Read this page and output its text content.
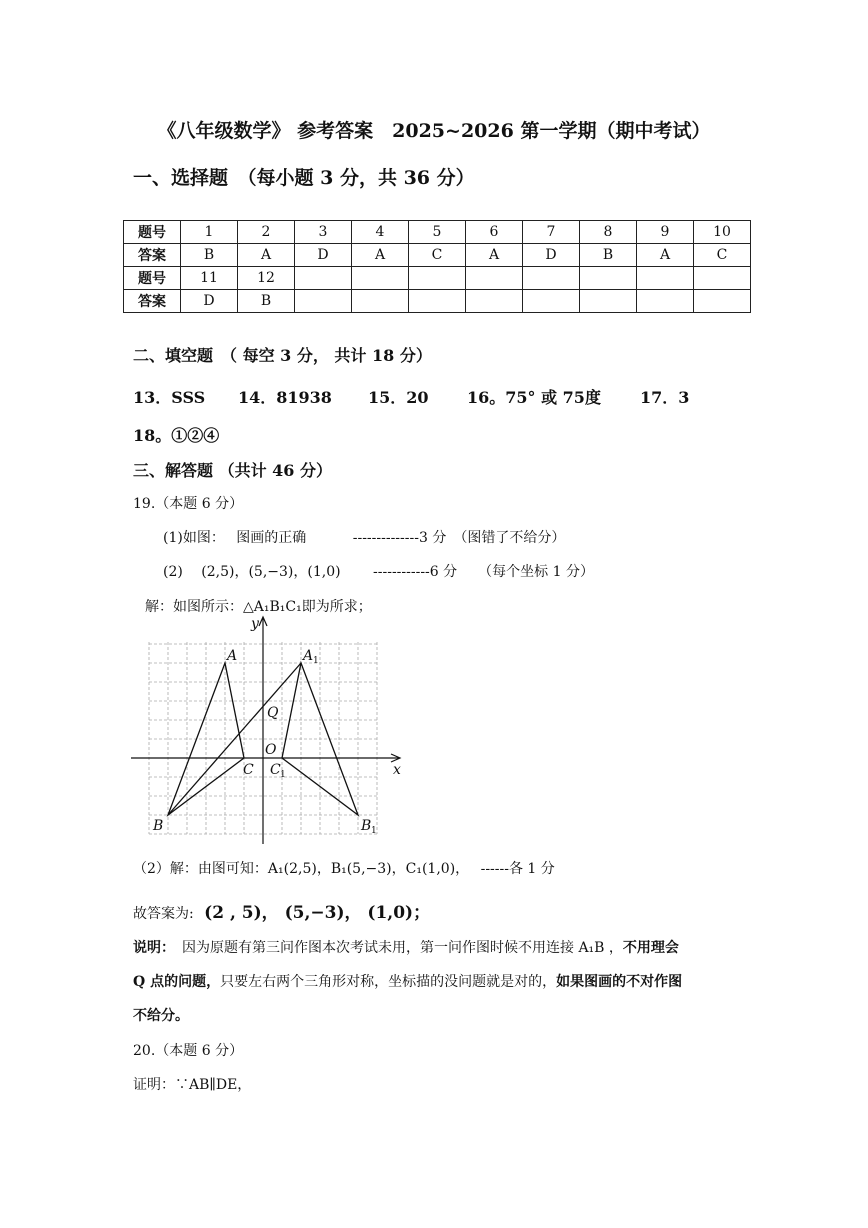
《八年级数学》 参考答案　2025~2026 第一学期（期中考试）
一、选择题　（每小题 3 分，共 36 分）
题号	1	2	3	4	5	6	7	8	9	10
答案	B	A	D	A	C	A	D	B	A	C
题号	11	12								
答案	D	B								
二、填空题　（ 每空 3 分， 共计 18 分）
13．SSS 14．81938 15．20 16。75° 或 75度 17．3
18。①②④
三、解答题 （共计 46 分）
19.（本题 6 分）
(1)如图：　 图画的正确　　　 --------------3 分　（图错了不给分）
(2)　 (2,5)，(5,−3)，(1,0)　　 ------------6 分　　（每个坐标 1 分）
解：如图所示：△A₁B₁C₁即为所求；
y
x
A	A 1
Q
O
C C 1
B	B 1
（2）解：由图可知：A₁(2,5)，B₁(5,−3)，C₁(1,0)，　 ------各 1 分
故答案为: (2 , 5)， (5,−3)， (1,0)；
说明：　因为原题有第三问作图本次考试未用，第一问作图时候不用连接 A₁B ，不用理会
Q 点的问题，只要左右两个三角形对称，坐标描的没问题就是对的，如果图画的不对作图
不给分。
20.（本题 6 分）
证明：∵AB∥DE，
